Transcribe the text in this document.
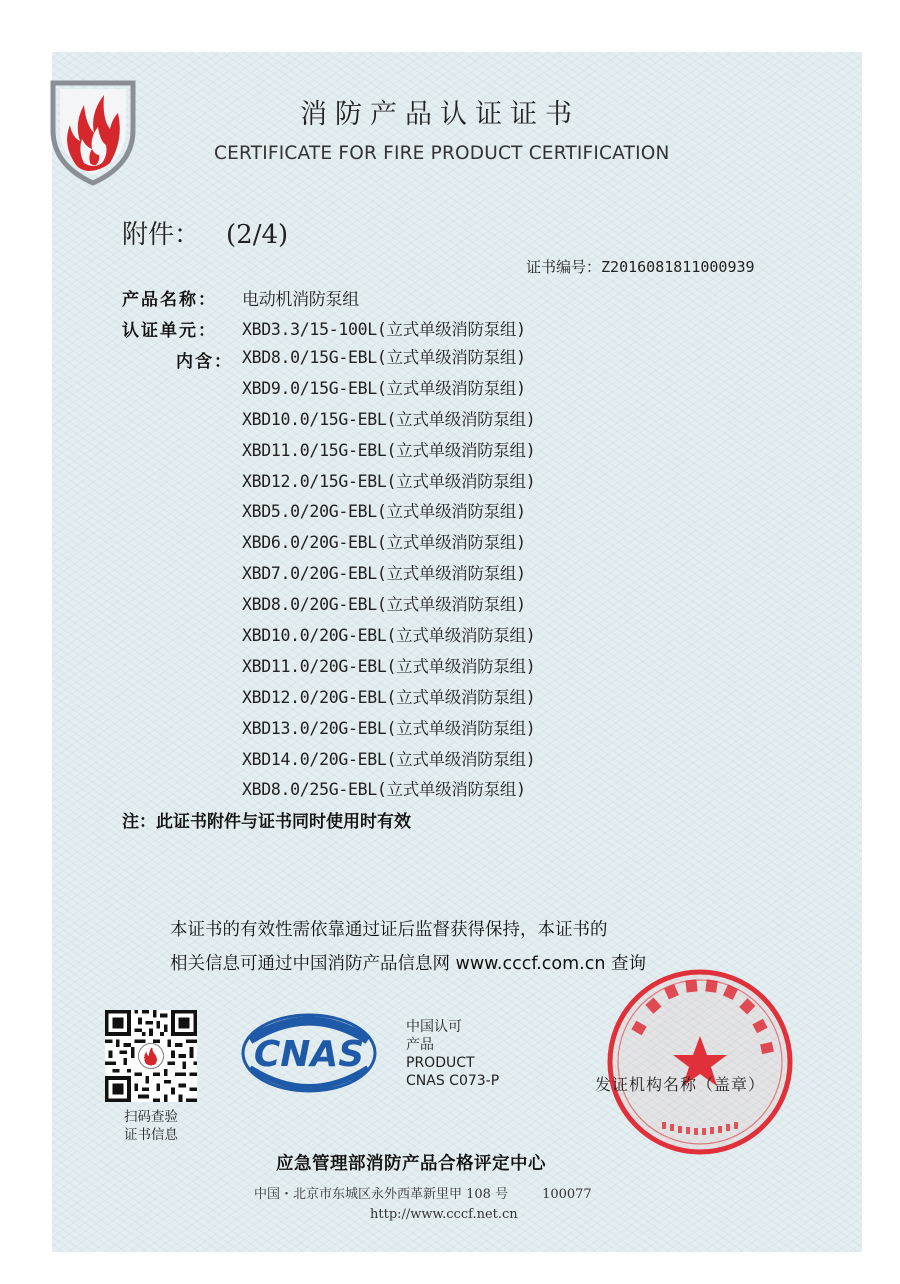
消防产品认证证书
CERTIFICATE FOR FIRE PRODUCT CERTIFICATION
附件： (2/4)
证书编号：Z2016081811000939
产品名称： 电动机消防泵组
认证单元： XBD3.3/15-100L(立式单级消防泵组)
内含： XBD8.0/15G-EBL(立式单级消防泵组)
XBD9.0/15G-EBL(立式单级消防泵组)
XBD10.0/15G-EBL(立式单级消防泵组)
XBD11.0/15G-EBL(立式单级消防泵组)
XBD12.0/15G-EBL(立式单级消防泵组)
XBD5.0/20G-EBL(立式单级消防泵组)
XBD6.0/20G-EBL(立式单级消防泵组)
XBD7.0/20G-EBL(立式单级消防泵组)
XBD8.0/20G-EBL(立式单级消防泵组)
XBD10.0/20G-EBL(立式单级消防泵组)
XBD11.0/20G-EBL(立式单级消防泵组)
XBD12.0/20G-EBL(立式单级消防泵组)
XBD13.0/20G-EBL(立式单级消防泵组)
XBD14.0/20G-EBL(立式单级消防泵组)
XBD8.0/25G-EBL(立式单级消防泵组)
注：此证书附件与证书同时使用时有效
本证书的有效性需依靠通过证后监督获得保持，本证书的
相关信息可通过中国消防产品信息网 www.cccf.com.cn 查询
扫码查验
证书信息
CNAS
中国认可
产品
PRODUCT
CNAS C073-P	发证机构名称（盖章）
应急管理部消防产品合格评定中心
中国・北京市东城区永外西革新里甲 108 号	100077
http://www.cccf.net.cn
